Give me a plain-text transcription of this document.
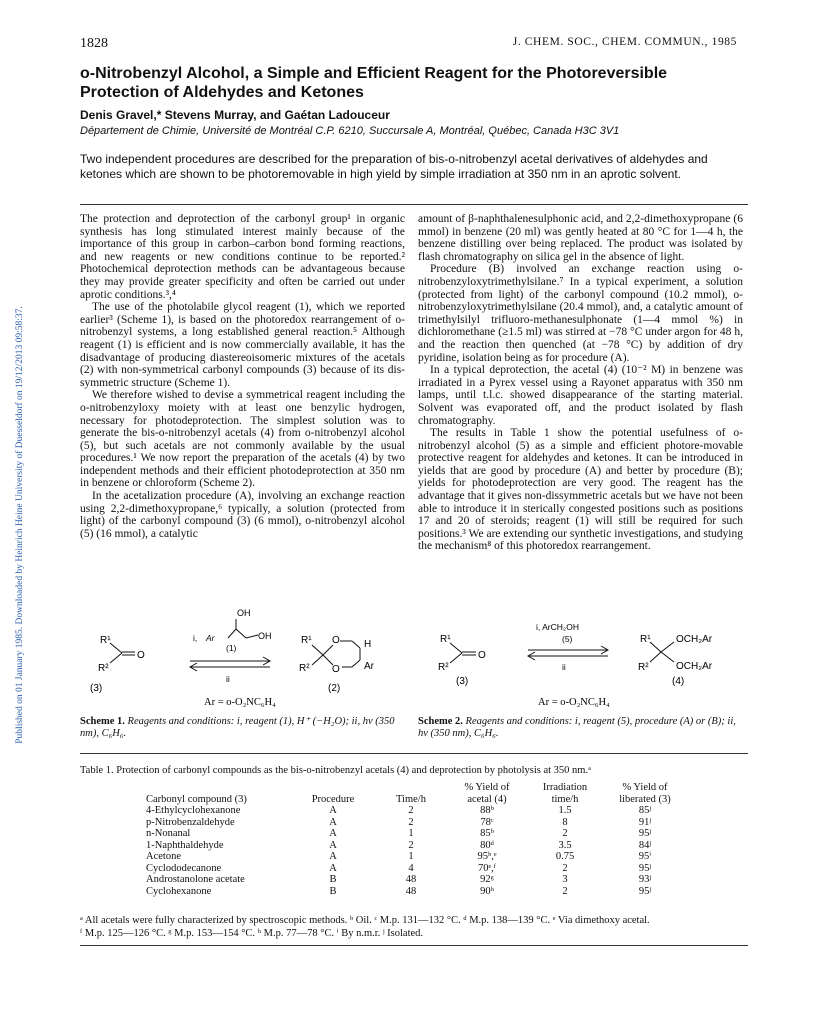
Published on 01 January 1985. Downloaded by Heinrich Heine University of Duesseldorf on 19/12/2013 09:58:37.
1828	J. CHEM. SOC., CHEM. COMMUN., 1985
o-Nitrobenzyl Alcohol, a Simple and Efficient Reagent for the Photoreversible Protection of Aldehydes and Ketones
Denis Gravel,* Stevens Murray, and Gaétan Ladouceur
Département de Chimie, Université de Montréal C.P. 6210, Succursale A, Montréal, Québec, Canada H3C 3V1
Two independent procedures are described for the preparation of bis-o-nitrobenzyl acetal derivatives of aldehydes and ketones which are shown to be photoremovable in high yield by simple irradiation at 350 nm in an aprotic solvent.

The protection and deprotection of the carbonyl group¹ in organic synthesis has long stimulated interest mainly because of the importance of this group in carbon–carbon bond forming reactions, and new reagents or new conditions continue to be reported.² Photochemical deprotection methods can be advantageous because they may provide greater specificity and often be carried out under aprotic conditions.³,⁴

The use of the photolabile glycol reagent (1), which we reported earlier³ (Scheme 1), is based on the photoredox rearrangement of o-nitrobenzyl systems, a long established general reaction.⁵ Although reagent (1) is efficient and is now commercially available, it has the disadvantage of producing diastereoisomeric mixtures of the acetals (2) with non-symmetrical carbonyl compounds (3) because of its dis-symmetric structure (Scheme 1).

We therefore wished to devise a symmetrical reagent including the o-nitrobenzyloxy moiety with at least one benzylic hydrogen, necessary for photodeprotection. The simplest solution was to generate the bis-o-nitrobenzyl acetals (4) from o-nitrobenzyl alcohol (5), but such acetals are not commonly available by the usual procedures.¹ We now report the preparation of the acetals (4) by two independent methods and their efficient photodeprotection at 350 nm in benzene or chloroform (Scheme 2).

In the acetalization procedure (A), involving an exchange reaction using 2,2-dimethoxypropane,⁶ typically, a solution (protected from light) of the carbonyl compound (3) (6 mmol), o-nitrobenzyl alcohol (5) (16 mmol), a catalytic

amount of β-naphthalenesulphonic acid, and 2,2-dimethoxypropane (6 mmol) in benzene (20 ml) was gently heated at 80 °C for 1—4 h, the benzene distilling over being replaced. The product was isolated by flash chromatography on silica gel in the absence of light.

Procedure (B) involved an exchange reaction using o-nitrobenzyloxytrimethylsilane.⁷ In a typical experiment, a solution (protected from light) of the carbonyl compound (10.2 mmol), o-nitrobenzyloxytrimethylsilane (20.4 mmol), and, a catalytic amount of trimethylsilyl trifluoro-methanesulphonate (1—4 mmol %) in dichloromethane (≥1.5 ml) was stirred at −78 °C under argon for 48 h, and the reaction then quenched (at −78 °C) by addition of dry pyridine, isolation being as for procedure (A).

In a typical deprotection, the acetal (4) (10⁻² M) in benzene was irradiated in a Pyrex vessel using a Rayonet apparatus with 350 nm lamps, until t.l.c. showed disappearance of the starting material. Solvent was evaporated off, and the product isolated by flash chromatography.

The results in Table 1 show the potential usefulness of o-nitrobenzyl alcohol (5) as a simple and efficient photore-movable protective reagent for aldehydes and ketones. It can be introduced in yields that are good by procedure (A) and better by procedure (B); yields for photodeprotection are very good. The reagent has the advantage that it gives non-dissymmetric acetals but we have not been able to introduce it in sterically congested positions such as positions 17 and 20 of steroids; reagent (1) will still be required for such positions.³ We are extending our synthetic investigations, and studying the mechanism⁸ of this photoredox rearrangement.

OH
Ar	OH
i,
(1)
ii
R¹
R²
O
(3)
R¹
R²
O
O
H
Ar
(2)
Ar = o-O₂NC₆H₄
Scheme 1. Reagents and conditions: i, reagent (1), H⁺ (−H₂O); ii, hv (350 nm), C₆H₆.
i, ArCH₂OH
(5)
ii
R¹
R²
O
(3)
R¹
R²
OCH₂Ar
OCH₂Ar
(4)
Ar = o-O₂NC₆H₄
Scheme 2. Reagents and conditions: i, reagent (5), procedure (A) or (B); ii, hv (350 nm), C₆H₆.
Table 1. Protection of carbonyl compounds as the bis-o-nitrobenzyl acetals (4) and deprotection by photolysis at 350 nm.ᵃ
Carbonyl compound (3)	Procedure	Time/h	% Yield of acetal (4)	Irradiation time/h	% Yield of liberated (3)
4-Ethylcyclohexanone	A	2	88ᵇ	1.5	85ʲ
p-Nitrobenzaldehyde	A	2	78ᶜ	8	91ʲ
n-Nonanal	A	1	85ᵇ	2	95ʲ
1-Naphthaldehyde	A	2	80ᵈ	3.5	84ʲ
Acetone	A	1	95ᵇ,ᵉ	0.75	95ⁱ
Cyclododecanone	A	4	70ᵉ,ᶠ	2	95ʲ
Androstanolone acetate	B	48	92ᵍ	3	93ʲ
Cyclohexanone	B	48	90ʰ	2	95ʲ
ᵃ All acetals were fully characterized by spectroscopic methods. ᵇ Oil. ᶜ M.p. 131—132 °C. ᵈ M.p. 138—139 °C. ᵉ Via dimethoxy acetal.
ᶠ M.p. 125—126 °C. ᵍ M.p. 153—154 °C. ʰ M.p. 77—78 °C. ⁱ By n.m.r. ʲ Isolated.
